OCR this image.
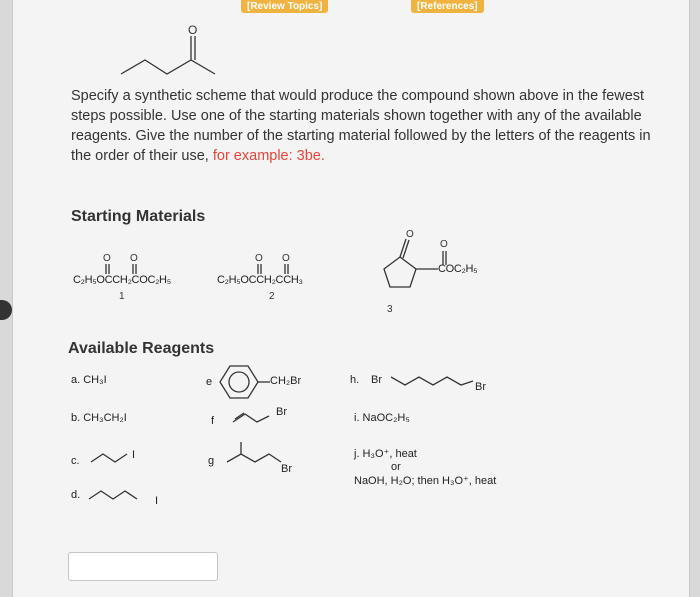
[Review Topics]	[References]
O
Specify a synthetic scheme that would produce the compound shown above in the fewest steps possible. Use one of the starting materials shown together with any of the available reagents. Give the number of the starting material followed by the letters of the reagents in the order of their use, for example: 3be.
Starting Materials
O O
C₂H₅OCCH₂COC₂H₅
1
O O
C₂H₅OCCH₂CCH₃
2
O
O
COC₂H₅
3
Available Reagents
a. CH₃I
b. CH₃CH₂I
c.	I
d.	I
e	CH₂Br
f
Br
g
Br
h. Br
Br
i. NaOC₂H₅
j. H₃O⁺, heat
or
NaOH, H₂O; then H₃O⁺, heat
